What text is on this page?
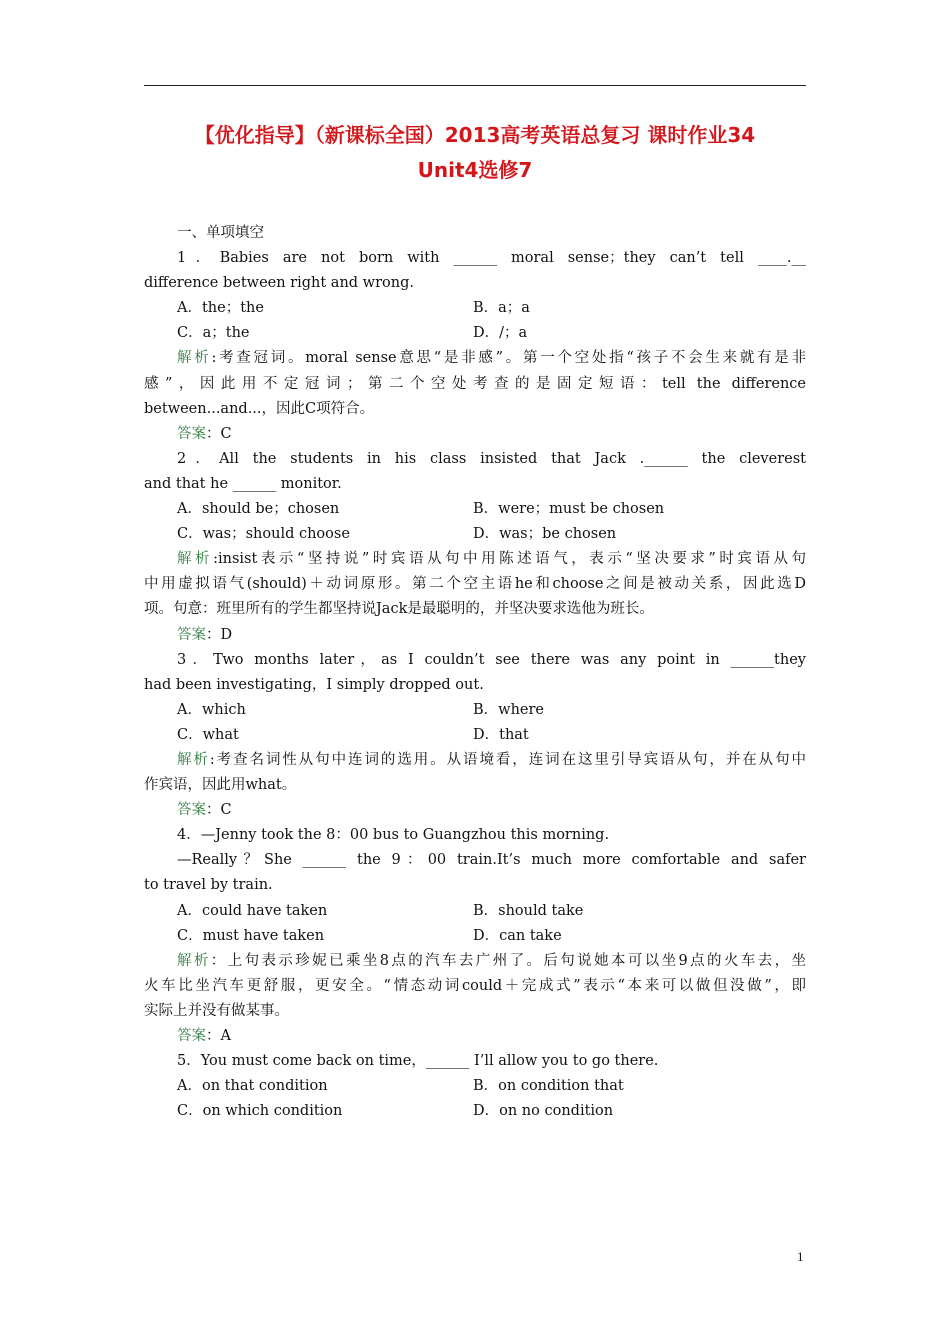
【优化指导】（新课标全国）2013高考英语总复习 课时作业34
Unit4选修7
一、单项填空
1．Babies are not born with ______ moral sense；they can’t tell ____.__
difference between right and wrong.
A．the；the	B．a；a
C．a；the	D．/；a
解析:考查冠词。moral sense意思“是非感”。第一个空处指“孩子不会生来就有是非
感”，因此用不定冠词；第二个空处考查的是固定短语：tell the difference
between...and...，因此C项符合。
答案：C
2．All the students in his class insisted that Jack .______ the cleverest
and that he ______ monitor.
A．should be；chosen	B．were；must be chosen
C．was；should choose	D．was；be chosen
解析:insist表示“坚持说”时宾语从句中用陈述语气，表示“坚决要求”时宾语从句
中用虚拟语气(should)＋动词原形。第二个空主语he和choose之间是被动关系，因此选D
项。句意：班里所有的学生都坚持说Jack是最聪明的，并坚决要求选他为班长。
答案：D
3．Two months later，as I couldn’t see there was any point in ______they
had been investigating，I simply dropped out.
A．which	B．where
C．what	D．that
解析:考查名词性从句中连词的选用。从语境看，连词在这里引导宾语从句，并在从句中
作宾语，因此用what。
答案：C
4．—Jenny took the 8：00 bus to Guangzhou this morning.
—Really？She ______ the 9：00 train.It’s much more comfortable and safer
to travel by train.
A．could have taken	B．should take
C．must have taken	D．can take
解析：上句表示珍妮已乘坐8点的汽车去广州了。后句说她本可以坐9点的火车去，坐
火车比坐汽车更舒服，更安全。“情态动词could＋完成式”表示“本来可以做但没做”，即
实际上并没有做某事。
答案：A
5．You must come back on time，______ I’ll allow you to go there.
A．on that condition	B．on condition that
C．on which condition	D．on no condition
1
